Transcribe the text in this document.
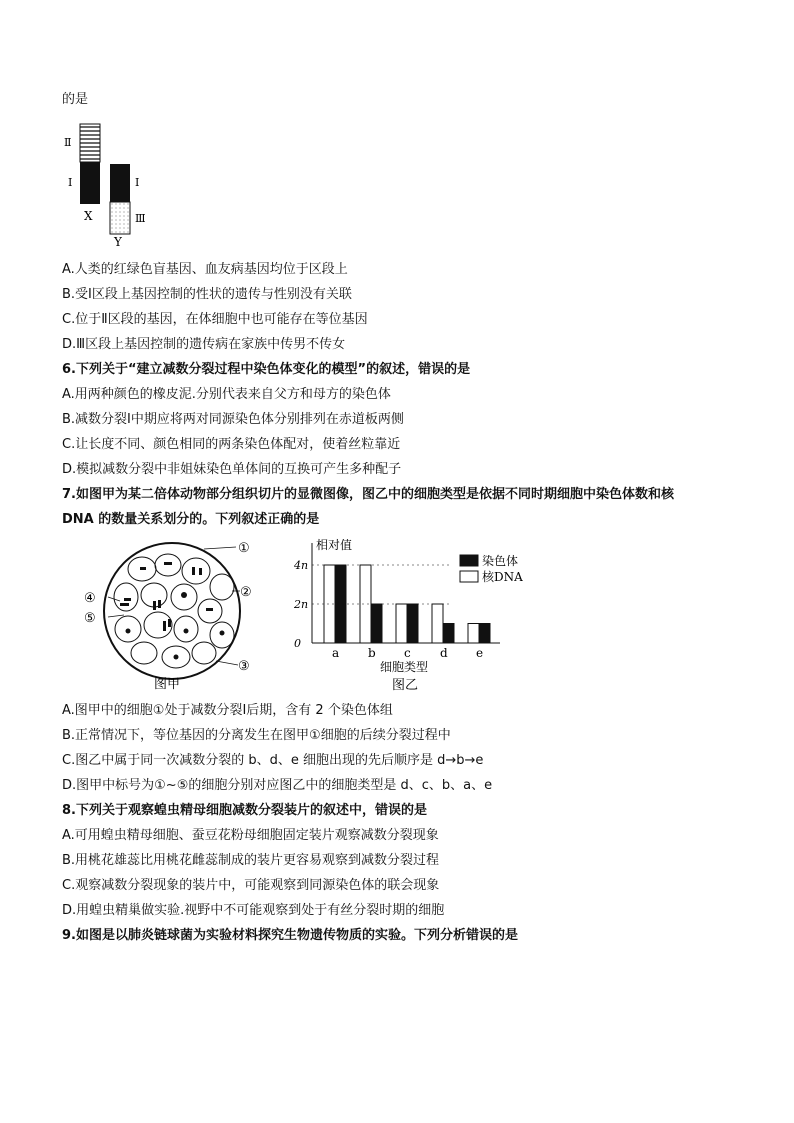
的是
Ⅱ
Ⅰ	Ⅰ
Ⅲ
X
Y
A.人类的红绿色盲基因、血友病基因均位于区段上
B.受Ⅰ区段上基因控制的性状的遗传与性别没有关联
C.位于Ⅱ区段的基因，在体细胞中也可能存在等位基因
D.Ⅲ区段上基因控制的遗传病在家族中传男不传女
6.下列关于“建立减数分裂过程中染色体变化的模型”的叙述，错误的是
A.用两种颜色的橡皮泥.分别代表来自父方和母方的染色体
B.减数分裂Ⅰ中期应将两对同源染色体分别排列在赤道板两侧
C.让长度不同、颜色相同的两条染色体配对，使着丝粒靠近
D.模拟减数分裂中非姐妹染色单体间的互换可产生多种配子
7.如图甲为某二倍体动物部分组织切片的显微图像，图乙中的细胞类型是依据不同时期细胞中染色体数和核
DNA 的数量关系划分的。下列叙述正确的是
①
②
③
④
⑤
图甲
相对值
a b c d e
0
2n
4n	染色体
核DNA
细胞类型
图乙
A.图甲中的细胞①处于减数分裂Ⅰ后期，含有 2 个染色体组
B.正常情况下，等位基因的分离发生在图甲①细胞的后续分裂过程中
C.图乙中属于同一次减数分裂的 b、d、e 细胞出现的先后顺序是 d→b→e
D.图甲中标号为①~⑤的细胞分别对应图乙中的细胞类型是 d、c、b、a、e
8.下列关于观察蝗虫精母细胞减数分裂装片的叙述中，错误的是
A.可用蝗虫精母细胞、蚕豆花粉母细胞固定装片观察减数分裂现象
B.用桃花雄蕊比用桃花雌蕊制成的装片更容易观察到减数分裂过程
C.观察减数分裂现象的装片中，可能观察到同源染色体的联会现象
D.用蝗虫精巢做实验.视野中不可能观察到处于有丝分裂时期的细胞
9.如图是以肺炎链球菌为实验材料探究生物遗传物质的实验。下列分析错误的是
